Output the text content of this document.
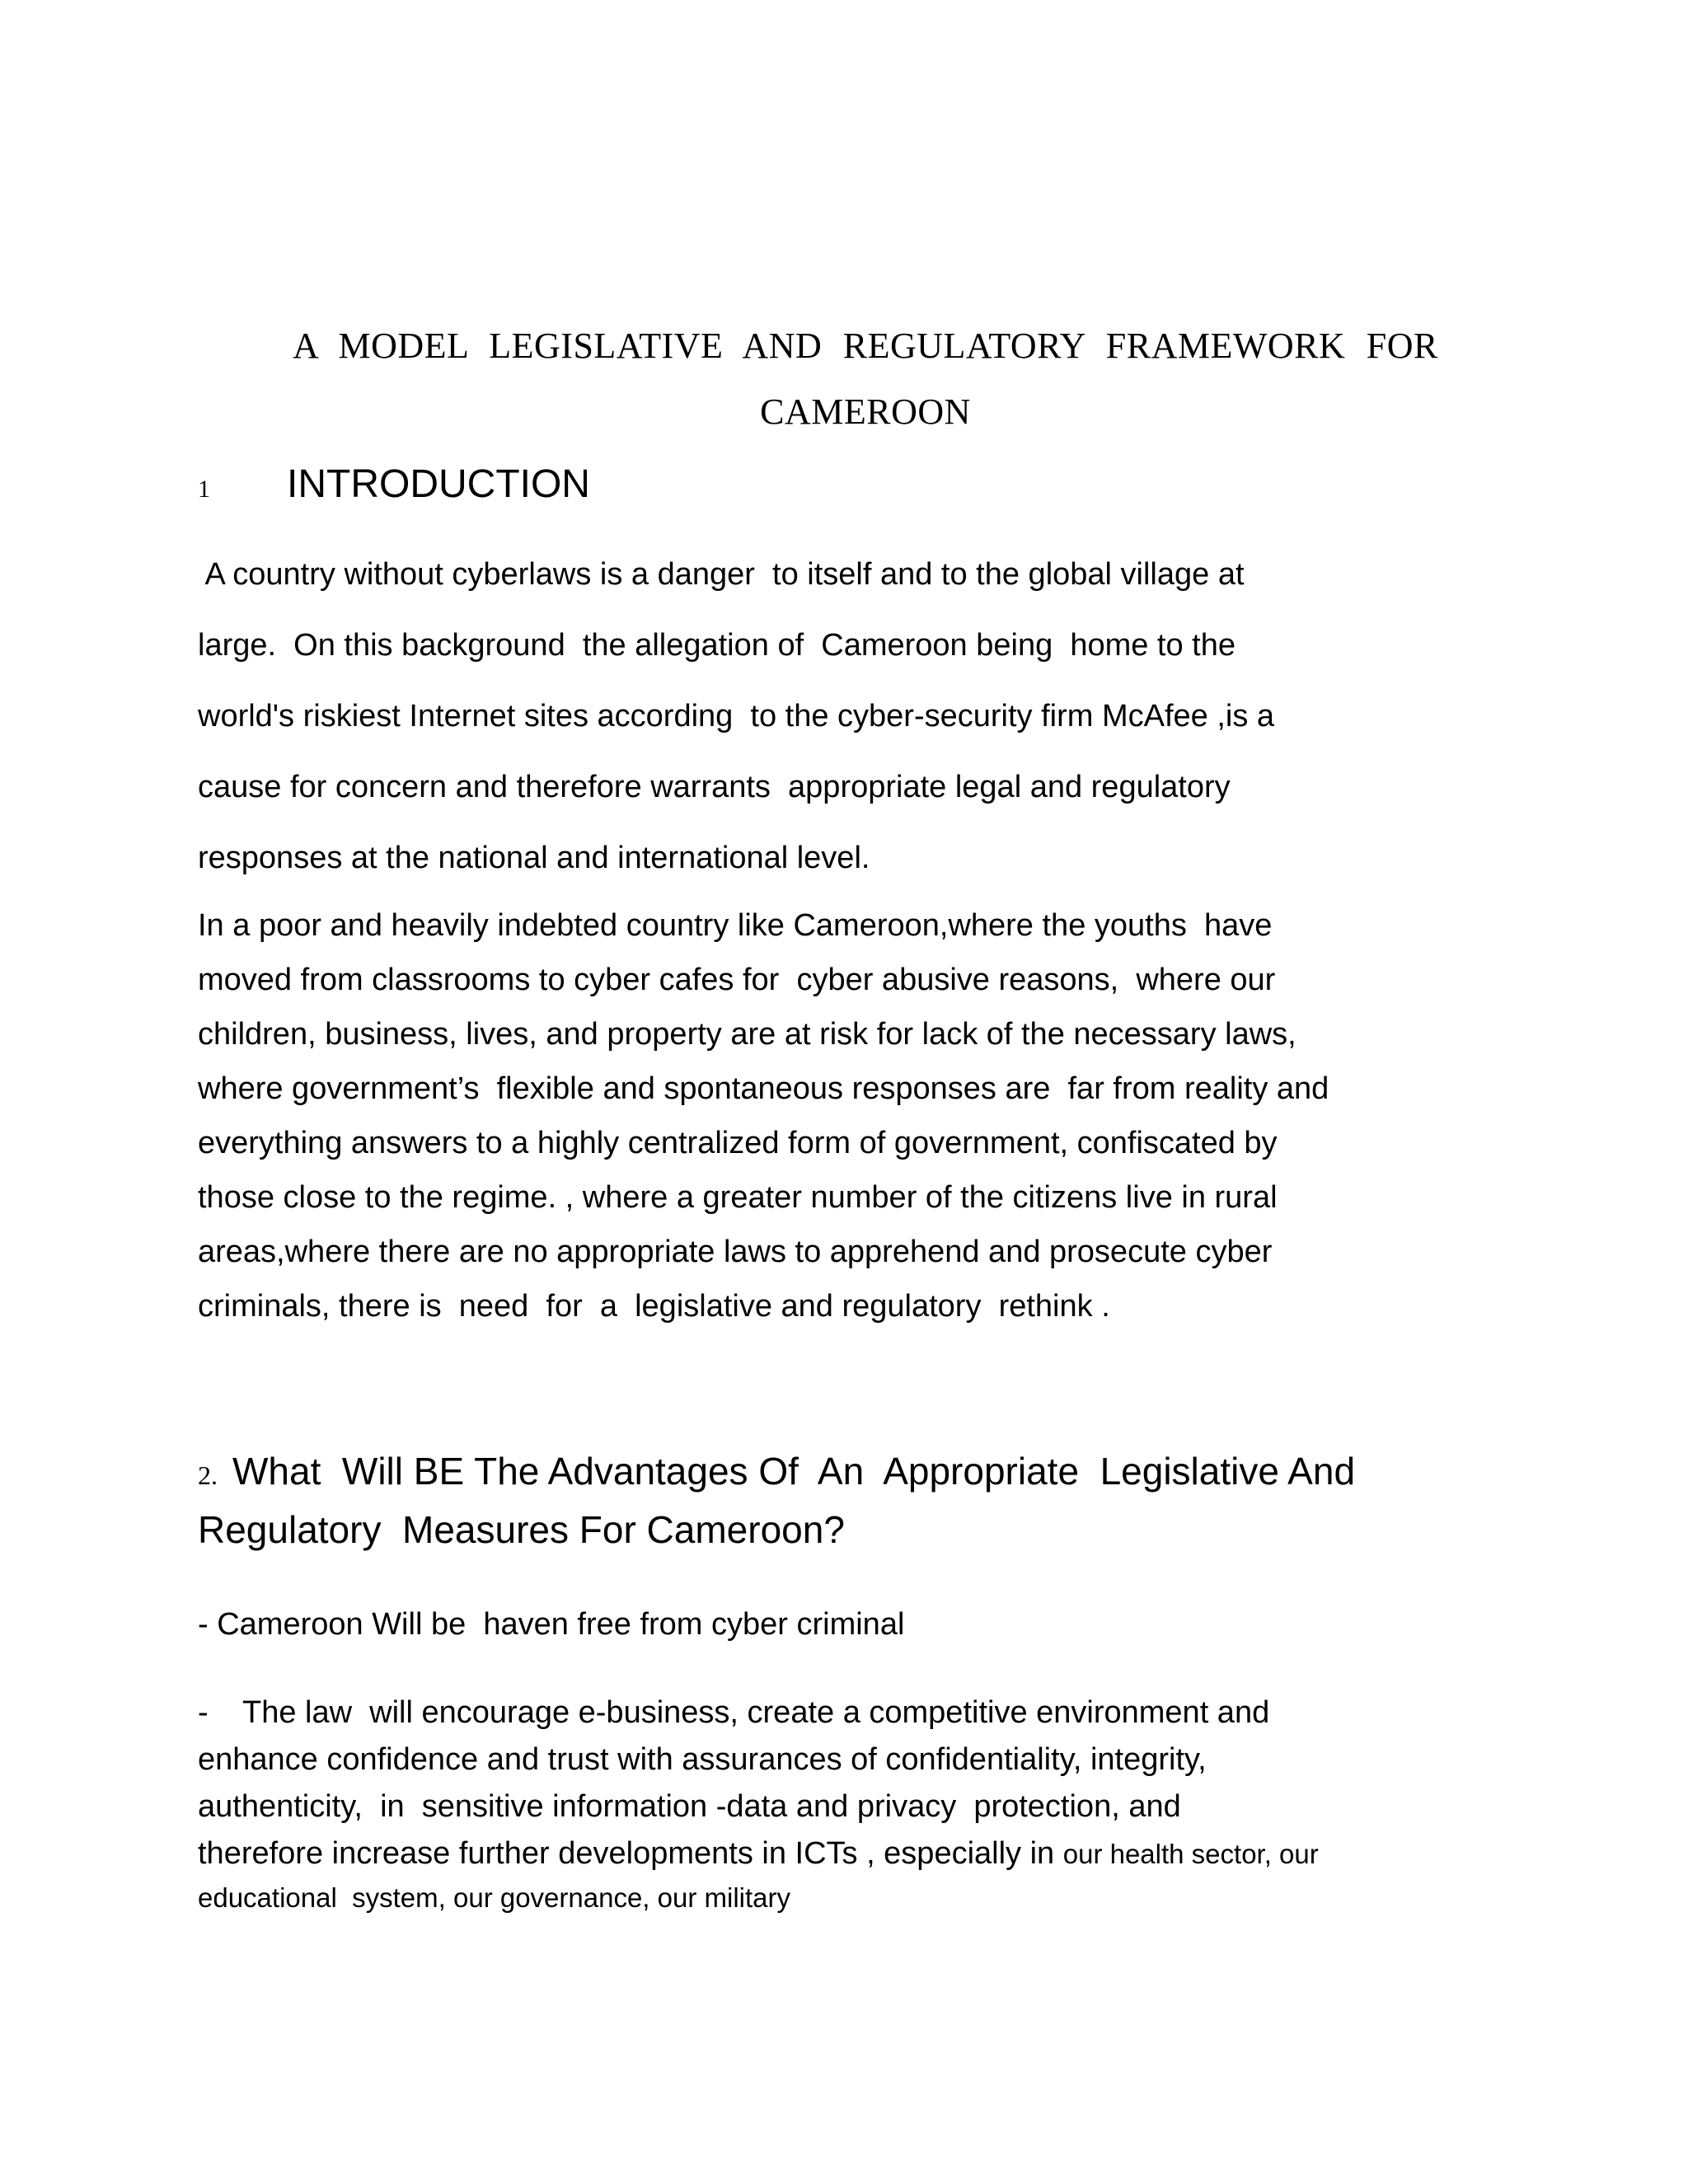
A MODEL LEGISLATIVE AND REGULATORY FRAMEWORK FOR
CAMEROON
1 INTRODUCTION
A country without cyberlaws is a danger  to itself and to the global village at
large.  On this background  the allegation of  Cameroon being  home to the
world's riskiest Internet sites according  to the cyber-security firm McAfee ,is a
cause for concern and therefore warrants  appropriate legal and regulatory
responses at the national and international level.
In a poor and heavily indebted country like Cameroon,where the youths  have
moved from classrooms to cyber cafes for  cyber abusive reasons,  where our
children, business, lives, and property are at risk for lack of the necessary laws,
where government’s  flexible and spontaneous responses are  far from reality and
everything answers to a highly centralized form of government, confiscated by
those close to the regime. , where a greater number of the citizens live in rural
areas,where there are no appropriate laws to apprehend and prosecute cyber
criminals, there is  need  for  a  legislative and regulatory  rethink .
2. What  Will BE The Advantages Of  An  Appropriate  Legislative And
Regulatory  Measures For Cameroon?
- Cameroon Will be  haven free from cyber criminal
- The law  will encourage e-business, create a competitive environment and
enhance confidence and trust with assurances of confidentiality, integrity,
authenticity,  in  sensitive information -data and privacy  protection, and
therefore increase further developments in ICTs , especially in our health sector, our
educational  system, our governance, our military
